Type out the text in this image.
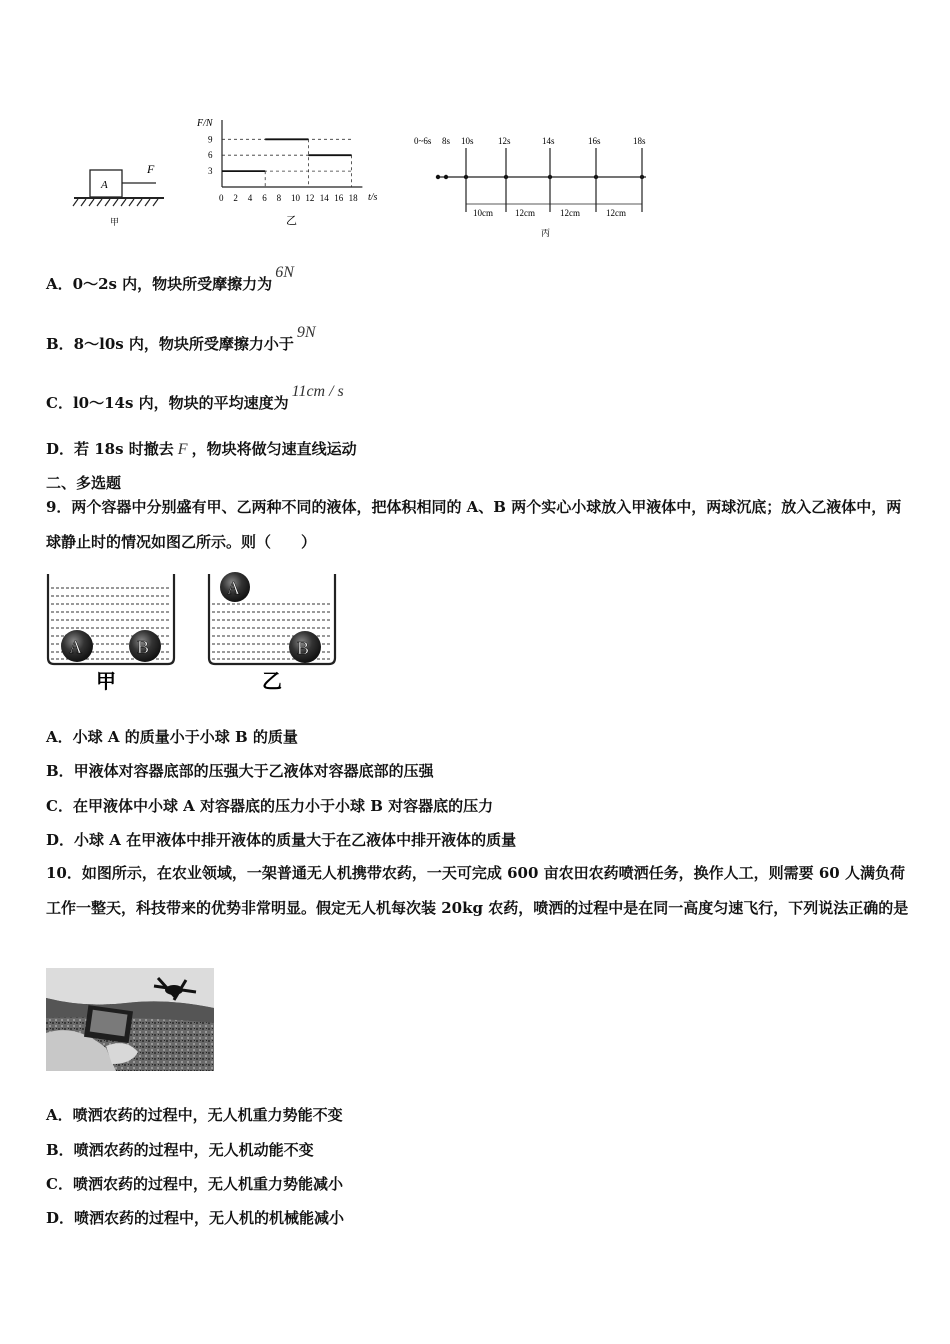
A
F
甲
0 2 4 6 8 10 12 14 16 18
9
6
3
F/N
t/s
乙
0~6s 8s 10s	12s	14s	16s	18s
10cm 12cm	12cm	12cm
丙
A．0～2s 内，物块所受摩擦力为6N
B．8～l0s 内，物块所受摩擦力小于9N
C．l0～14s 内，物块的平均速度为11cm / s
D．若 18s 时撤去 F ，物块将做匀速直线运动
二、多选题
9．两个容器中分别盛有甲、乙两种不同的液体，把体积相同的 A、B 两个实心小球放入甲液体中，两球沉底；放入乙液体中，两球静止时的情况如图乙所示。则（　　）
A	B
甲
A
B
乙
A．小球 A 的质量小于小球 B 的质量
B．甲液体对容器底部的压强大于乙液体对容器底部的压强
C．在甲液体中小球 A 对容器底的压力小于小球 B 对容器底的压力
D．小球 A 在甲液体中排开液体的质量大于在乙液体中排开液体的质量
10．如图所示，在农业领域，一架普通无人机携带农药，一天可完成 600 亩农田农药喷洒任务，换作人工，则需要 60 人满负荷工作一整天，科技带来的优势非常明显。假定无人机每次装 20kg 农药，喷洒的过程中是在同一高度匀速飞行，下列说法正确的是
A．喷洒农药的过程中，无人机重力势能不变
B．喷洒农药的过程中，无人机动能不变
C．喷洒农药的过程中，无人机重力势能减小
D．喷洒农药的过程中，无人机的机械能减小
